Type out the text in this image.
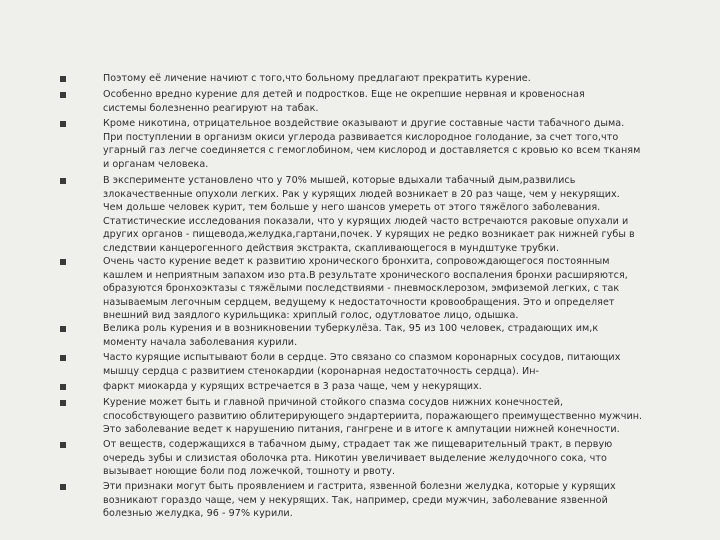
Поэтому её личение начиют с того,что больному предлагают прекратить курение.
Особенно вредно курение для детей и подростков. Еще не окрепшие нервная и кровеносная
системы болезненно реагируют на табак.
Кроме никотина, отрицательное воздействие оказывают и другие составные части табачного дыма.
При поступлении в организм окиси углерода развивается кислородное голодание, за счет того,что
угарный газ легче соединяется с гемоглобином, чем кислород и доставляется с кровью ко всем тканям
и органам человека.
В эксперименте установлено что у 70% мышей, которые вдыхали табачный дым,развились
злокачественные опухоли легких. Рак у курящих людей возникает в 20 раз чаще, чем у некурящих.
Чем дольше человек курит, тем больше у него шансов умереть от этого тяжёлого заболевания.
Статистические исследования показали, что у курящих людей часто встречаются раковые опухали и
других органов - пищевода,желудка,гартани,почек. У курящих не редко возникает рак нижней губы в
следствии канцерогенного действия экстракта, скапливающегося в мундштуке трубки.
Очень часто курение ведет к развитию хронического бронхита, сопровождающегося постоянным
кашлем и неприятным запахом изо рта.В результате хронического воспаления бронхи расширяются,
образуются бронхоэктазы с тяжёлыми последствиями - пневмосклерозом, эмфиземой легких, с так
называемым легочным сердцем, ведущему к недостаточности кровообращения. Это и определяет
внешний вид заядлого курильщика: хриплый голос, одутловатое лицо, одышка.
Велика роль курения и в возникновении туберкулёза. Так, 95 из 100 человек, страдающих им,к
моменту начала заболевания курили.
Часто курящие испытывают боли в сердце. Это связано со спазмом коронарных сосудов, питающих
мышцу сердца с развитием стенокардии (коронарная недостаточность сердца). Ин-
фаркт миокарда у курящих встречается в 3 раза чаще, чем у некурящих.
Курение может быть и главной причиной стойкого спазма сосудов нижних конечностей,
способствующего развитию облитерирующего эндартериита, поражающего преимущественно мужчин.
Это заболевание ведет к нарушению питания, гангрене и в итоге к ампутации нижней конечности.
От веществ, содержащихся в табачном дыму, страдает так же пищеварительный тракт, в первую
очередь зубы и слизистая оболочка рта. Никотин увеличивает выделение желудочного сока, что
вызывает ноющие боли под ложечкой, тошноту и рвоту.
Эти признаки могут быть проявлением и гастрита, язвенной болезни желудка, которые у курящих
возникают гораздо чаще, чем у некурящих. Так, например, среди мужчин, заболевание язвенной
болезнью желудка, 96 - 97% курили.
